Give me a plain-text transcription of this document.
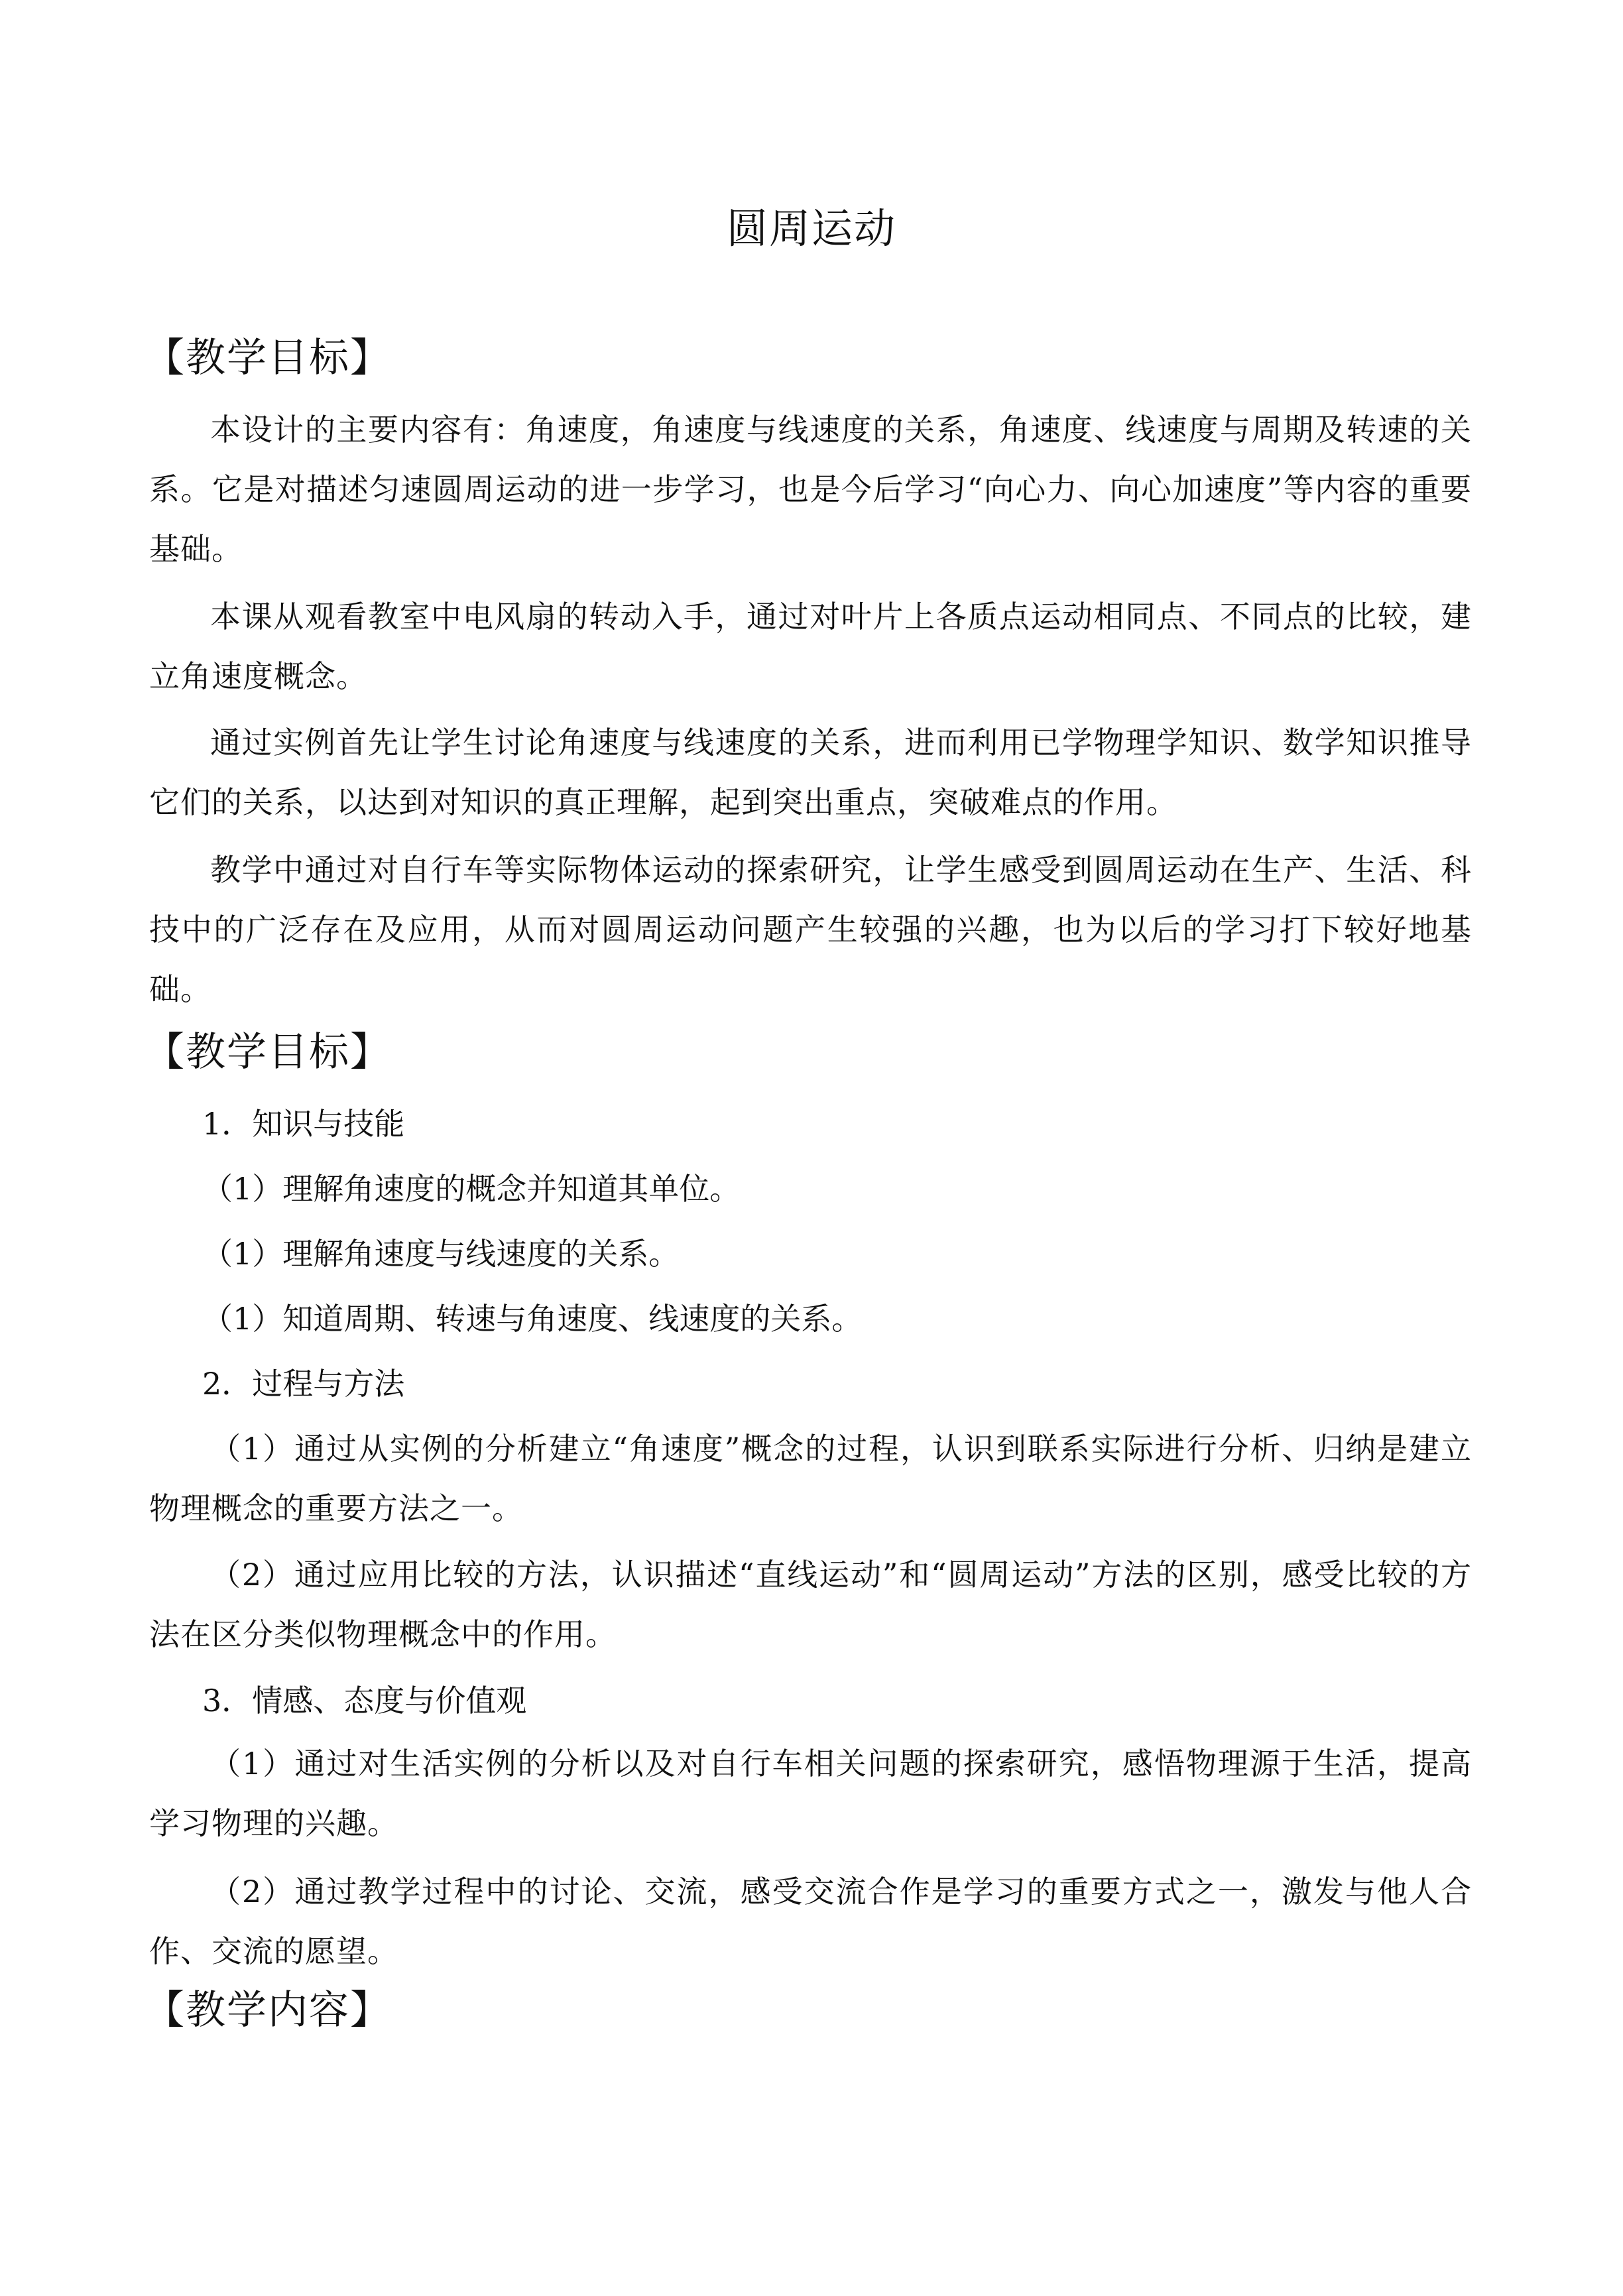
圆周运动
【教学目标】
本设计的主要内容有：角速度，角速度与线速度的关系，角速度、线速度与周期及转速的关系。它是对描述匀速圆周运动的进一步学习，也是今后学习“向心力、向心加速度”等内容的重要基础。
本课从观看教室中电风扇的转动入手，通过对叶片上各质点运动相同点、不同点的比较，建立角速度概念。
通过实例首先让学生讨论角速度与线速度的关系，进而利用已学物理学知识、数学知识推导它们的关系，以达到对知识的真正理解，起到突出重点，突破难点的作用。
教学中通过对自行车等实际物体运动的探索研究，让学生感受到圆周运动在生产、生活、科技中的广泛存在及应用，从而对圆周运动问题产生较强的兴趣，也为以后的学习打下较好地基础。
【教学目标】
1．知识与技能
（1）理解角速度的概念并知道其单位。
（1）理解角速度与线速度的关系。
（1）知道周期、转速与角速度、线速度的关系。
2．过程与方法
（1）通过从实例的分析建立“角速度”概念的过程，认识到联系实际进行分析、归纳是建立物理概念的重要方法之一。
（2）通过应用比较的方法，认识描述“直线运动”和“圆周运动”方法的区别，感受比较的方法在区分类似物理概念中的作用。
3．情感、态度与价值观
（1）通过对生活实例的分析以及对自行车相关问题的探索研究，感悟物理源于生活，提高学习物理的兴趣。
（2）通过教学过程中的讨论、交流，感受交流合作是学习的重要方式之一，激发与他人合作、交流的愿望。
【教学内容】
